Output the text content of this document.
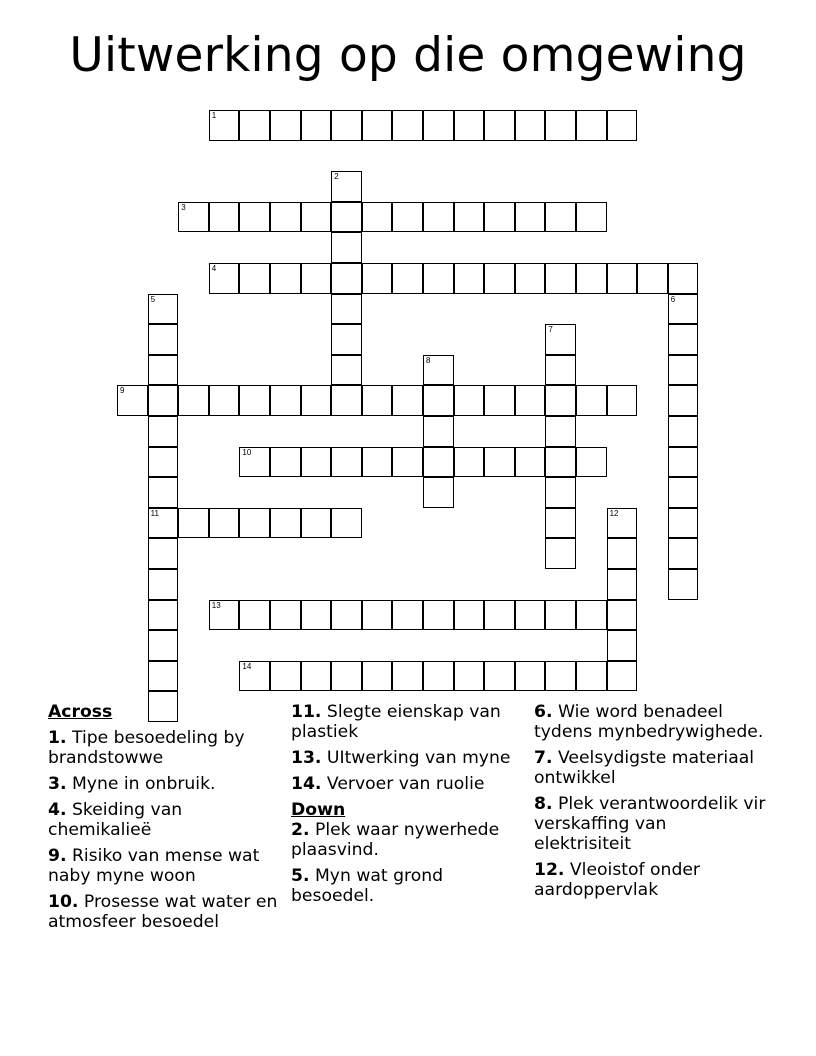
Uitwerking op die omgewing
1
2
3
4
5
11
6
7
8
9
10
12
13
14
Across
1. Tipe besoedeling by brandstowwe
3. Myne in onbruik.
4. Skeiding van chemikalieë
9. Risiko van mense wat naby myne woon
10. Prosesse wat water en atmosfeer besoedel
11. Slegte eienskap van plastiek
13. UItwerking van myne
14. Vervoer van ruolie
Down
2. Plek waar nywerhede plaasvind.
5. Myn wat grond besoedel.
6. Wie word benadeel tydens mynbedrywighede.
7. Veelsydigste materiaal ontwikkel
8. Plek verantwoordelik vir verskaffing van elektrisiteit
12. Vleoistof onder aardoppervlak
